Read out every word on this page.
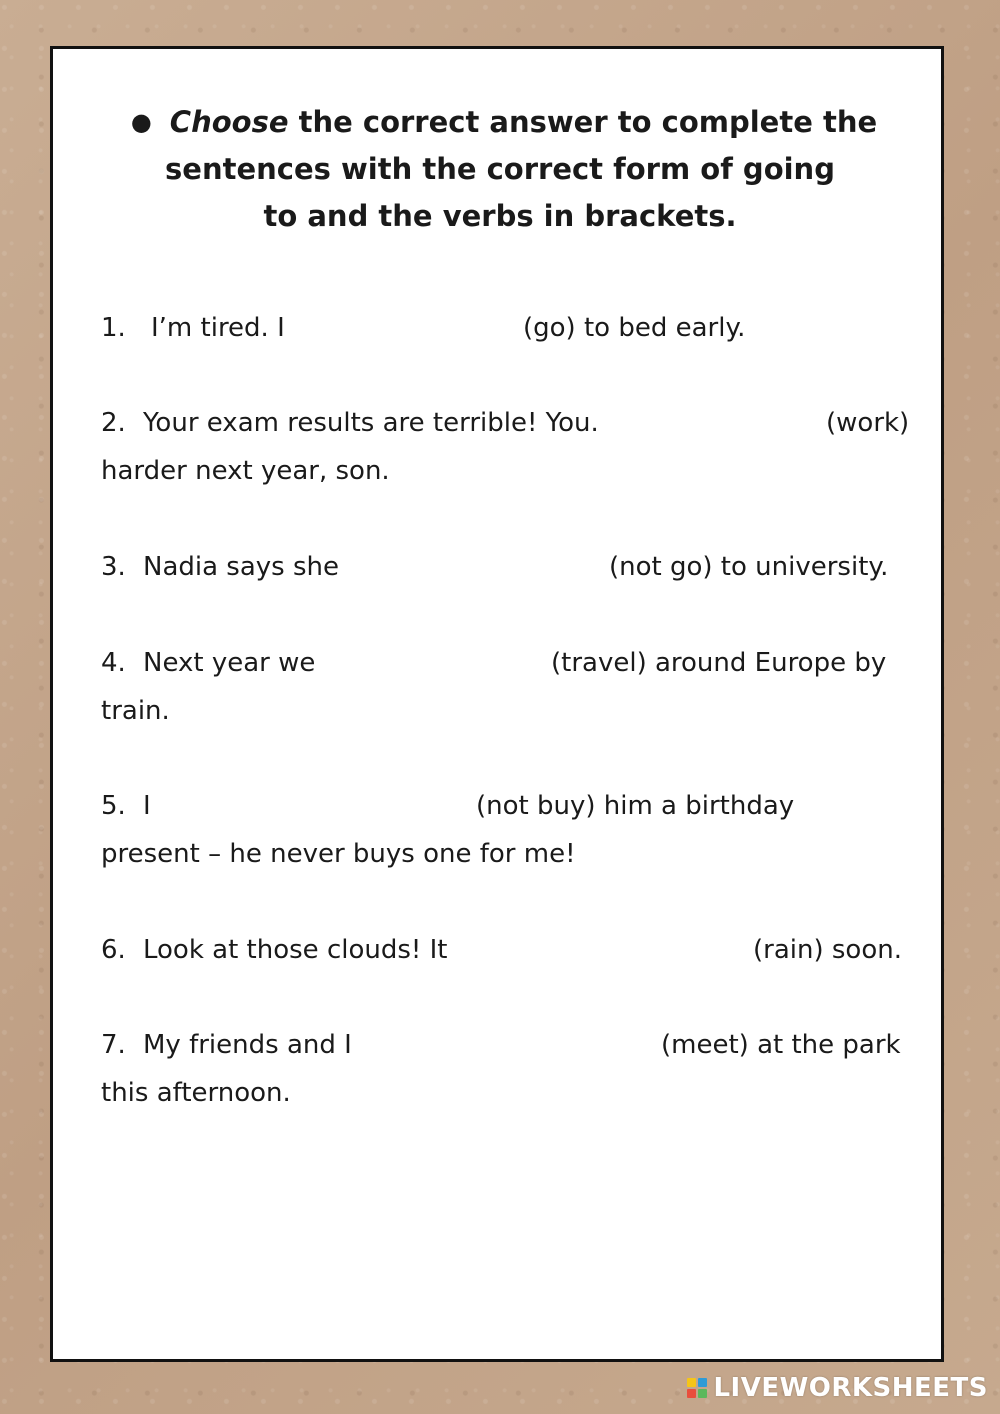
● Choose the correct answer to complete the
sentences with the correct form of going
to and the verbs in brackets.

1. I’m tired. I	(go) to bed early.
2. Your exam results are terrible! You.	(work)
harder next year, son.
3. Nadia says she	(not go) to university.
4. Next year we	(travel) around Europe by
train.
5. I	(not buy) him a birthday
present – he never buys one for me!
6. Look at those clouds! It	(rain) soon.
7. My friends and I	(meet) at the park
this afternoon.
LIVEWORKSHEETS
